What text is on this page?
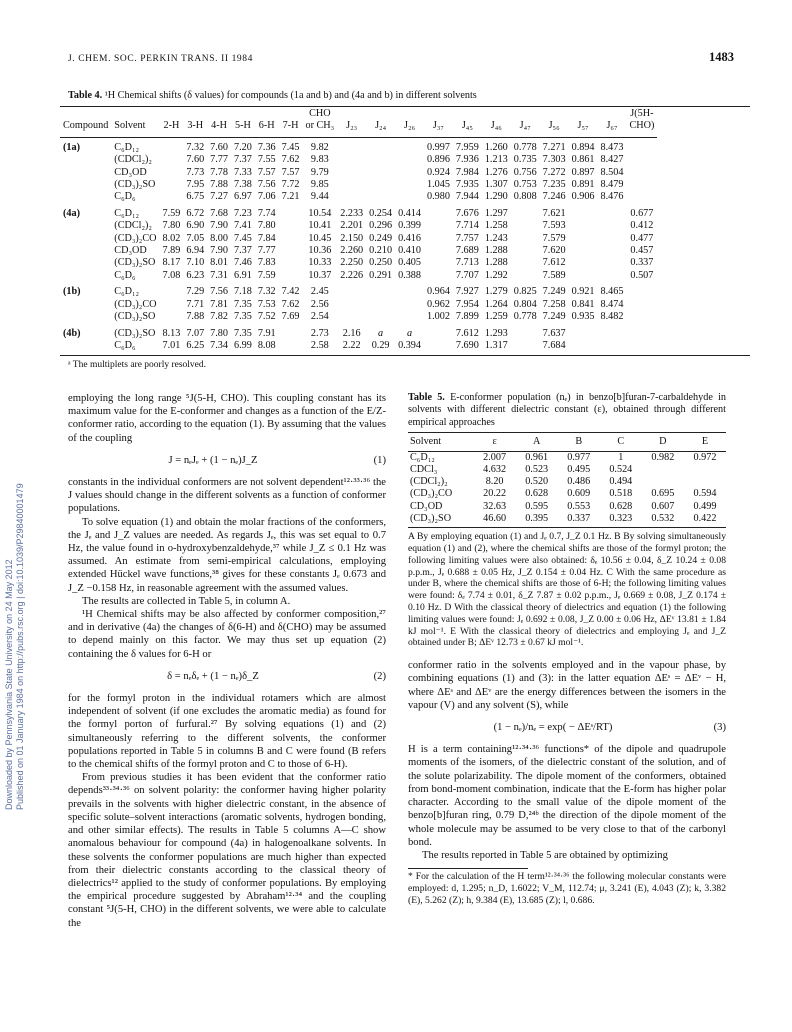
J. CHEM. SOC. PERKIN TRANS. II 1984	1483
Downloaded by Pennsylvania State University on 24 May 2012 Published on 01 January 1984 on http://pubs.rsc.org | doi:10.1039/P29840001479
Table 4. ¹H Chemical shifts (δ values) for compounds (1a and b) and (4a and b) in different solvents
								CHO											J(5H-
Compound	Solvent	2-H	3-H	4-H	5-H	6-H	7-H	or CH₃	J₂₃	J₂₄	J₂₆	J₃₇	J₄₅	J₄₆	J₄₇	J₅₆	J₅₇	J₆₇	CHO)

(1a)	C₆D₁₂		7.32	7.60	7.20	7.36	7.45	9.82				0.997	7.959	1.260	0.778	7.271	0.894	8.473	
	(CDCl₂)₂		7.60	7.77	7.37	7.55	7.62	9.83				0.896	7.936	1.213	0.735	7.303	0.861	8.427	
	CD₃OD		7.73	7.78	7.33	7.57	7.57	9.79				0.924	7.984	1.276	0.756	7.272	0.897	8.504	
	(CD₃)₂SO		7.95	7.88	7.38	7.56	7.72	9.85				1.045	7.935	1.307	0.753	7.235	0.891	8.479	
	C₆D₆		6.75	7.27	6.97	7.06	7.21	9.44				0.980	7.944	1.290	0.808	7.246	0.906	8.476	

(4a)	C₆D₁₂	7.59	6.72	7.68	7.23	7.74		10.54	2.233	0.254	0.414		7.676	1.297		7.621			0.677
	(CDCl₂)₂	7.80	6.90	7.90	7.41	7.80		10.41	2.201	0.296	0.399		7.714	1.258		7.593			0.412
	(CD₃)₂CO	8.02	7.05	8.00	7.45	7.84		10.45	2.150	0.249	0.416		7.757	1.243		7.579			0.477
	CD₃OD	7.89	6.94	7.90	7.37	7.77		10.36	2.260	0.210	0.410		7.689	1.288		7.620			0.457
	(CD₃)₂SO	8.17	7.10	8.01	7.46	7.83		10.33	2.250	0.250	0.405		7.713	1.288		7.612			0.337
	C₆D₆	7.08	6.23	7.31	6.91	7.59		10.37	2.226	0.291	0.388		7.707	1.292		7.589			0.507

(1b)	C₆D₁₂		7.29	7.56	7.18	7.32	7.42	2.45				0.964	7.927	1.279	0.825	7.249	0.921	8.465	
	(CD₃)₂CO		7.71	7.81	7.35	7.53	7.62	2.56				0.962	7.954	1.264	0.804	7.258	0.841	8.474	
	(CD₃)₂SO		7.88	7.82	7.35	7.52	7.69	2.54				1.002	7.899	1.259	0.778	7.249	0.935	8.482	

(4b)	(CD₃)₂SO	8.13	7.07	7.80	7.35	7.91		2.73	2.16	a	a		7.612	1.293		7.637			
	C₆D₆	7.01	6.25	7.34	6.99	8.08		2.58	2.22	0.29	0.394		7.690	1.317		7.684			
ᵃ The multiplets are poorly resolved.

employing the long range ⁵J(5-H, CHO). This coupling constant has its maximum value for the E-conformer and changes as a function of the E/Z-conformer ratio, according to the equation (1). By assuming that the values of the coupling

J = nₑJₑ + (1 − nₑ)J_Z	(1)

constants in the individual conformers are not solvent dependent¹²·³³·³⁶ the J values should change in the different solvents as a function of conformer populations.

To solve equation (1) and obtain the molar fractions of the conformers, the Jₑ and J_Z values are needed. As regards Jₑ, this was set equal to 0.7 Hz, the value found in o-hydroxybenzaldehyde,³⁷ while J_Z ≤ 0.1 Hz was assumed. An estimate from semi-empirical calculations, employing extended Hückel wave functions,³⁸ gives for these constants Jₑ 0.673 and J_Z −0.158 Hz, in reasonable agreement with the assumed values.

The results are collected in Table 5, in column A.

¹H Chemical shifts may be also affected by conformer composition,²⁷ and in derivative (4a) the changes of δ(6-H) and δ(CHO) may be assumed to depend mainly on this factor. We may thus set up equation (2) containing the δ values for 6-H or

δ = nₑδₑ + (1 − nₑ)δ_Z	(2)

for the formyl proton in the individual rotamers which are almost independent of solvent (if one excludes the aromatic media) as found for the formyl porton of furfural.²⁷ By solving equations (1) and (2) simultaneously referring to the different solvents, the conformer populations reported in Table 5 in columns B and C were found (B refers to the chemical shifts of the formyl proton and C to those of 6-H).

From previous studies it has been evident that the conformer ratio depends³³·³⁴·³⁶ on solvent polarity: the conformer having higher polarity prevails in the solvents with higher dielectric constant, in the absence of specific solute–solvent interactions (aromatic solvents, hydrogen bonding, and other similar effects). The results in Table 5 columns A—C show anomalous behaviour for compound (4a) in halogenoalkane solvents. In these solvents the conformer populations are much higher than expected from their dielectric constants according to the classical theory of dielectrics¹² applied to the study of conformer populations. By employing the empirical procedure suggested by Abraham¹²·³⁴ and the coupling constant ⁵J(5-H, CHO) in the different solvents, we were able to calculate the

Table 5. E-conformer population (nₑ) in benzo[b]furan-7-carbaldehyde in solvents with different dielectric constant (ε), obtained through different empirical approaches
Solvent	ε	A	B	C	D	E
C₆D₁₂	2.007	0.961	0.977	1	0.982	0.972
CDCl₃	4.632	0.523	0.495	0.524		
(CDCl₂)₂	8.20	0.520	0.486	0.494		
(CD₃)₂CO	20.22	0.628	0.609	0.518	0.695	0.594
CD₃OD	32.63	0.595	0.553	0.628	0.607	0.499
(CD₃)₂SO	46.60	0.395	0.337	0.323	0.532	0.422
A By employing equation (1) and Jₑ 0.7, J_Z 0.1 Hz. B By solving simultaneously equation (1) and (2), where the chemical shifts are those of the formyl proton; the following limiting values were also obtained: δₑ 10.56 ± 0.04, δ_Z 10.24 ± 0.08 p.p.m., Jₑ 0.688 ± 0.05 Hz, J_Z 0.154 ± 0.04 Hz. C With the same procedure as under B, where the chemical shifts are those of 6-H; the following limiting values were found: δₑ 7.74 ± 0.01, δ_Z 7.87 ± 0.02 p.p.m., Jₑ 0.669 ± 0.08, J_Z 0.174 ± 0.10 Hz. D With the classical theory of dielectrics and equation (1) the following limiting values were found: Jₑ 0.692 ± 0.08, J_Z 0.00 ± 0.06 Hz, ΔEᵛ 13.81 ± 1.84 kJ mol⁻¹. E With the classical theory of dielectrics and employing Jₑ and J_Z obtained under B; ΔEᵛ 12.73 ± 0.67 kJ mol⁻¹.

conformer ratio in the solvents employed and in the vapour phase, by combining equations (1) and (3): in the latter equation ΔEˢ = ΔEᵛ − H, where ΔEˢ and ΔEᵛ are the energy differences between the isomers in the vapour (V) and any solvent (S), while

(1 − nₑ)/nₑ = exp( − ΔEˢ/RT)	(3)

H is a term containing¹²·³⁴·³⁶ functions* of the dipole and quadrupole moments of the isomers, of the dielectric constant of the solution, and of the solute polarizability. The dipole moment of the conformers, obtained from bond-moment combination, indicate that the E-form has higher polar character. According to the small value of the dipole moment of the benzo[b]furan ring, 0.79 D,²⁴ᵇ the direction of the dipole moment of the whole molecule may be assumed to be very close to that of the carbonyl bond.

The results reported in Table 5 are obtained by optimizing

* For the calculation of the H term¹²·³⁴·³⁶ the following molecular constants were employed: d, 1.295; n_D, 1.6022; V_M, 112.74; μ, 3.241 (E), 4.043 (Z); k, 3.382 (E), 5.262 (Z); h, 9.384 (E), 13.685 (Z); l, 0.686.
